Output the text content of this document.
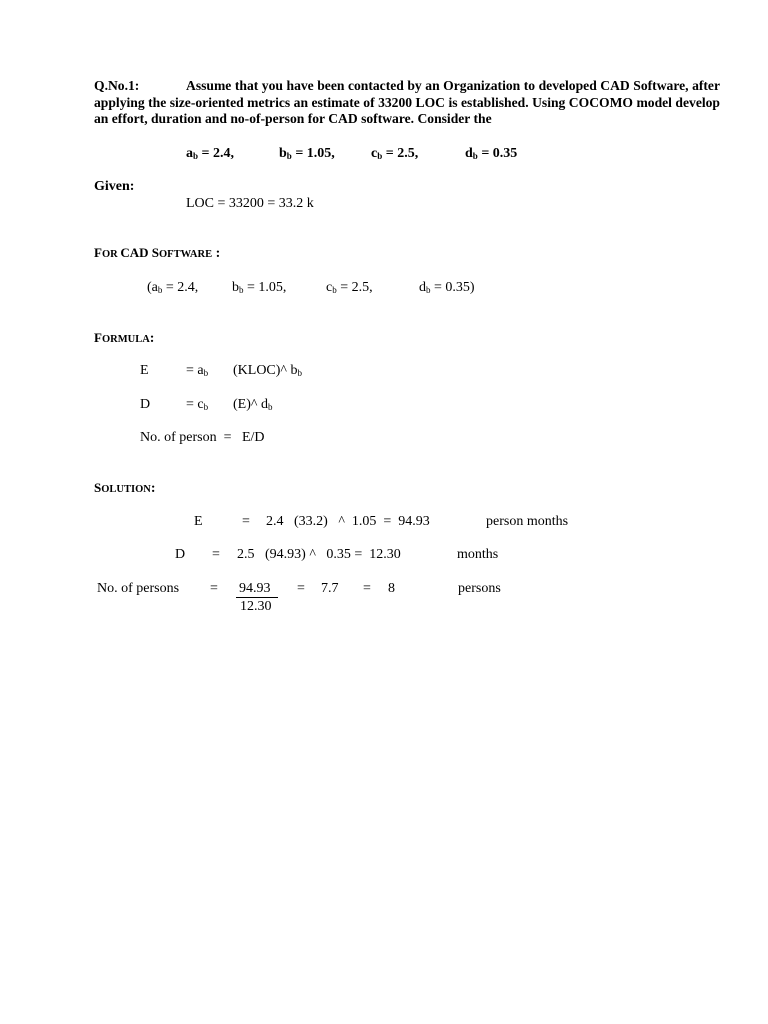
Q.No.1:	Assume that you have been contacted by an Organization to developed CAD Software, after applying the size-oriented metrics an estimate of 33200 LOC is established. Using COCOMO model develop an effort, duration and no-of-person for CAD software. Consider the
$a_b = 2.4$,	$b_b = 1.05$,	$c_b = 2.5$,	$d_b = 0.35$
Given:
LOC = 33200 = 33.2 k
FOR CAD SOFTWARE :
($a_b = 2.4$, $b_b = 1.05$,	$c_b = 2.5$,	$d_b = 0.35$)
FORMULA:
E	= $a_b$ (KLOC)^ $b_b$
D	= $c_b$ (E)^ $d_b$
No. of person  =   E/D
SOLUTION:
E	= 2.4   (33.2)   ^  1.05  =  94.93	person months
D = 2.5   (94.93) ^   0.35 =  12.30	months
No. of persons = 94.93
12.30
= 7.7 = 8	persons
